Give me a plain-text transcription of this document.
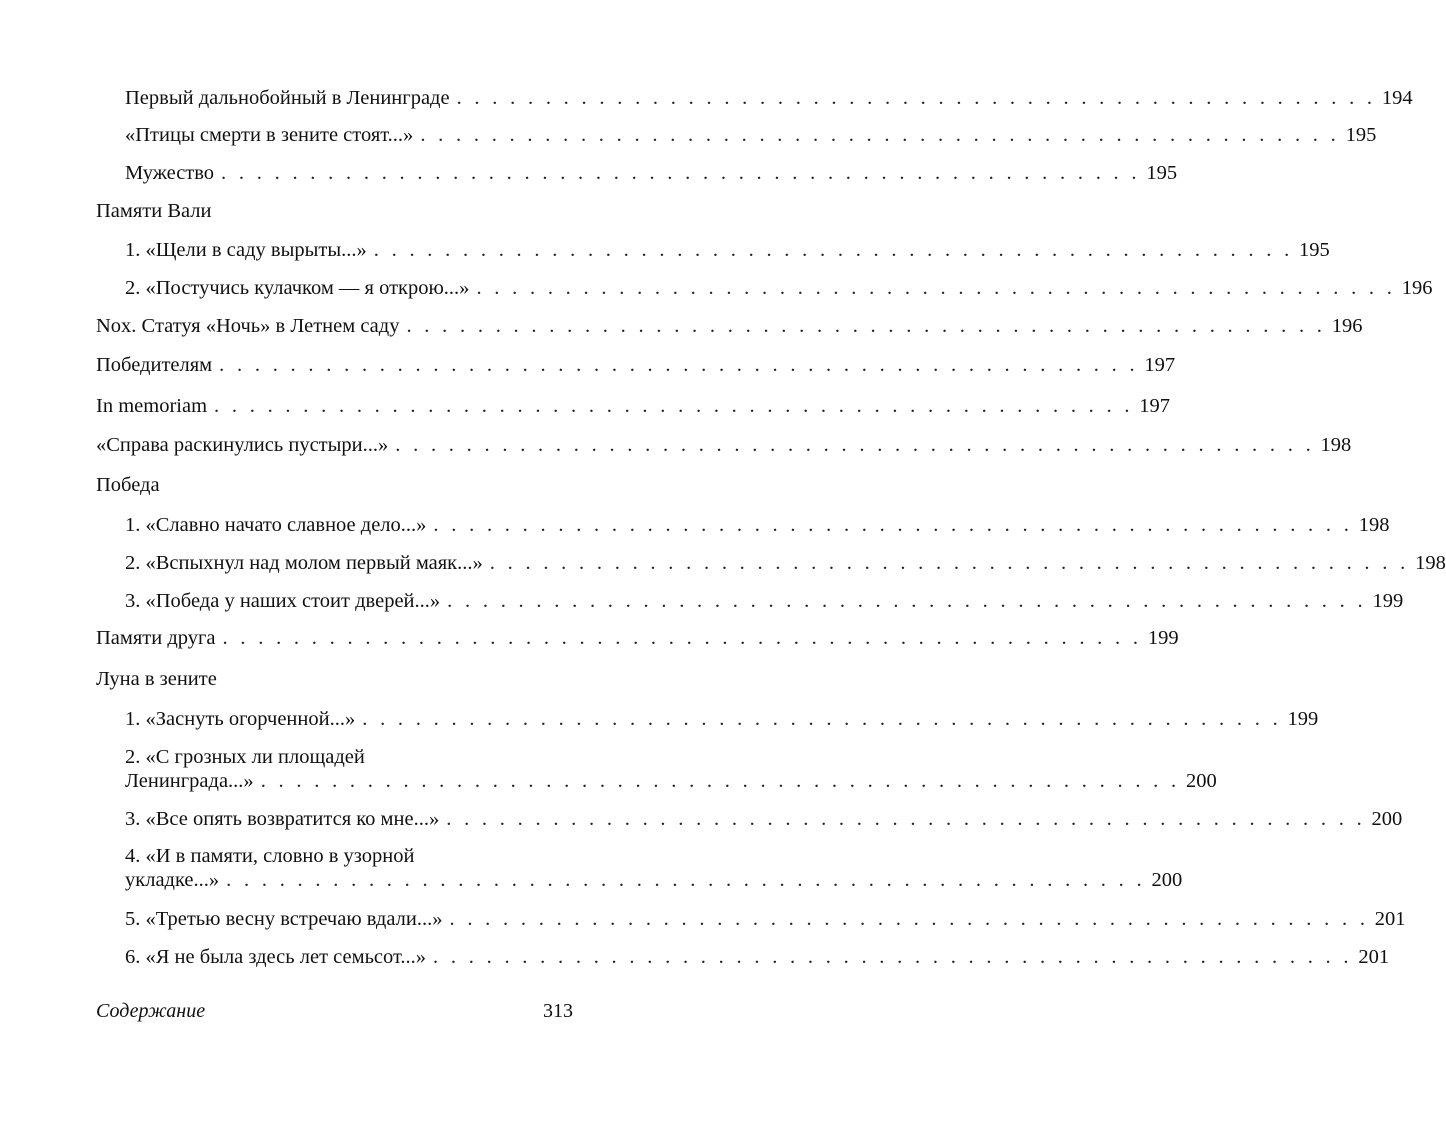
Первый дальнобойный в Ленинграде . . . . . . . . . . . . . . . . . . . . . . . . . . . . . . . . . . . . . . . . . . . . . . . . . . . . 194
«Птицы смерти в зените стоят...» . . . . . . . . . . . . . . . . . . . . . . . . . . . . . . . . . . . . . . . . . . . . . . . . . . . . 195
Мужество . . . . . . . . . . . . . . . . . . . . . . . . . . . . . . . . . . . . . . . . . . . . . . . . . . . . 195
Памяти Вали
1. «Щели в саду вырыты...» . . . . . . . . . . . . . . . . . . . . . . . . . . . . . . . . . . . . . . . . . . . . . . . . . . . . 195
2. «Постучись кулачком — я открою...» . . . . . . . . . . . . . . . . . . . . . . . . . . . . . . . . . . . . . . . . . . . . . . . . . . . . 196
Nox. Статуя «Ночь» в Летнем саду . . . . . . . . . . . . . . . . . . . . . . . . . . . . . . . . . . . . . . . . . . . . . . . . . . . . 196
Победителям . . . . . . . . . . . . . . . . . . . . . . . . . . . . . . . . . . . . . . . . . . . . . . . . . . . . 197
In memoriam . . . . . . . . . . . . . . . . . . . . . . . . . . . . . . . . . . . . . . . . . . . . . . . . . . . . 197
«Справа раскинулись пустыри...» . . . . . . . . . . . . . . . . . . . . . . . . . . . . . . . . . . . . . . . . . . . . . . . . . . . . 198
Победа
1. «Славно начато славное дело...» . . . . . . . . . . . . . . . . . . . . . . . . . . . . . . . . . . . . . . . . . . . . . . . . . . . . 198
2. «Вспыхнул над молом первый маяк...» . . . . . . . . . . . . . . . . . . . . . . . . . . . . . . . . . . . . . . . . . . . . . . . . . . . . 198
3. «Победа у наших стоит дверей...» . . . . . . . . . . . . . . . . . . . . . . . . . . . . . . . . . . . . . . . . . . . . . . . . . . . . 199
Памяти друга . . . . . . . . . . . . . . . . . . . . . . . . . . . . . . . . . . . . . . . . . . . . . . . . . . . . 199
Луна в зените
1. «Заснуть огорченной...» . . . . . . . . . . . . . . . . . . . . . . . . . . . . . . . . . . . . . . . . . . . . . . . . . . . . 199
2. «С грозных ли площадей
Ленинграда...» . . . . . . . . . . . . . . . . . . . . . . . . . . . . . . . . . . . . . . . . . . . . . . . . . . . . 200
3. «Все опять возвратится ко мне...» . . . . . . . . . . . . . . . . . . . . . . . . . . . . . . . . . . . . . . . . . . . . . . . . . . . . 200
4. «И в памяти, словно в узорной
укладке...» . . . . . . . . . . . . . . . . . . . . . . . . . . . . . . . . . . . . . . . . . . . . . . . . . . . . 200
5. «Третью весну встречаю вдали...» . . . . . . . . . . . . . . . . . . . . . . . . . . . . . . . . . . . . . . . . . . . . . . . . . . . . 201
6. «Я не была здесь лет семьсот...» . . . . . . . . . . . . . . . . . . . . . . . . . . . . . . . . . . . . . . . . . . . . . . . . . . . . 201
Содержание	313
